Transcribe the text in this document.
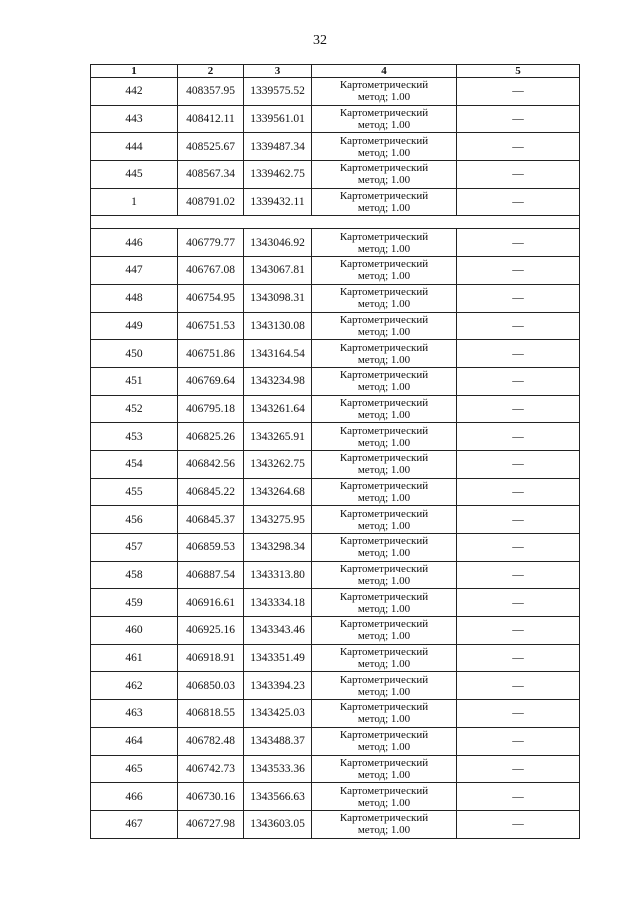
32
1	2	3	4	5
442	408357.95	1339575.52	Картометрический
метод; 1.00	—
443	408412.11	1339561.01	Картометрический
метод; 1.00	—
444	408525.67	1339487.34	Картометрический
метод; 1.00	—
445	408567.34	1339462.75	Картометрический
метод; 1.00	—
1	408791.02	1339432.11	Картометрический
метод; 1.00	—

446	406779.77	1343046.92	Картометрический
метод; 1.00	—
447	406767.08	1343067.81	Картометрический
метод; 1.00	—
448	406754.95	1343098.31	Картометрический
метод; 1.00	—
449	406751.53	1343130.08	Картометрический
метод; 1.00	—
450	406751.86	1343164.54	Картометрический
метод; 1.00	—
451	406769.64	1343234.98	Картометрический
метод; 1.00	—
452	406795.18	1343261.64	Картометрический
метод; 1.00	—
453	406825.26	1343265.91	Картометрический
метод; 1.00	—
454	406842.56	1343262.75	Картометрический
метод; 1.00	—
455	406845.22	1343264.68	Картометрический
метод; 1.00	—
456	406845.37	1343275.95	Картометрический
метод; 1.00	—
457	406859.53	1343298.34	Картометрический
метод; 1.00	—
458	406887.54	1343313.80	Картометрический
метод; 1.00	—
459	406916.61	1343334.18	Картометрический
метод; 1.00	—
460	406925.16	1343343.46	Картометрический
метод; 1.00	—
461	406918.91	1343351.49	Картометрический
метод; 1.00	—
462	406850.03	1343394.23	Картометрический
метод; 1.00	—
463	406818.55	1343425.03	Картометрический
метод; 1.00	—
464	406782.48	1343488.37	Картометрический
метод; 1.00	—
465	406742.73	1343533.36	Картометрический
метод; 1.00	—
466	406730.16	1343566.63	Картометрический
метод; 1.00	—
467	406727.98	1343603.05	Картометрический
метод; 1.00	—
